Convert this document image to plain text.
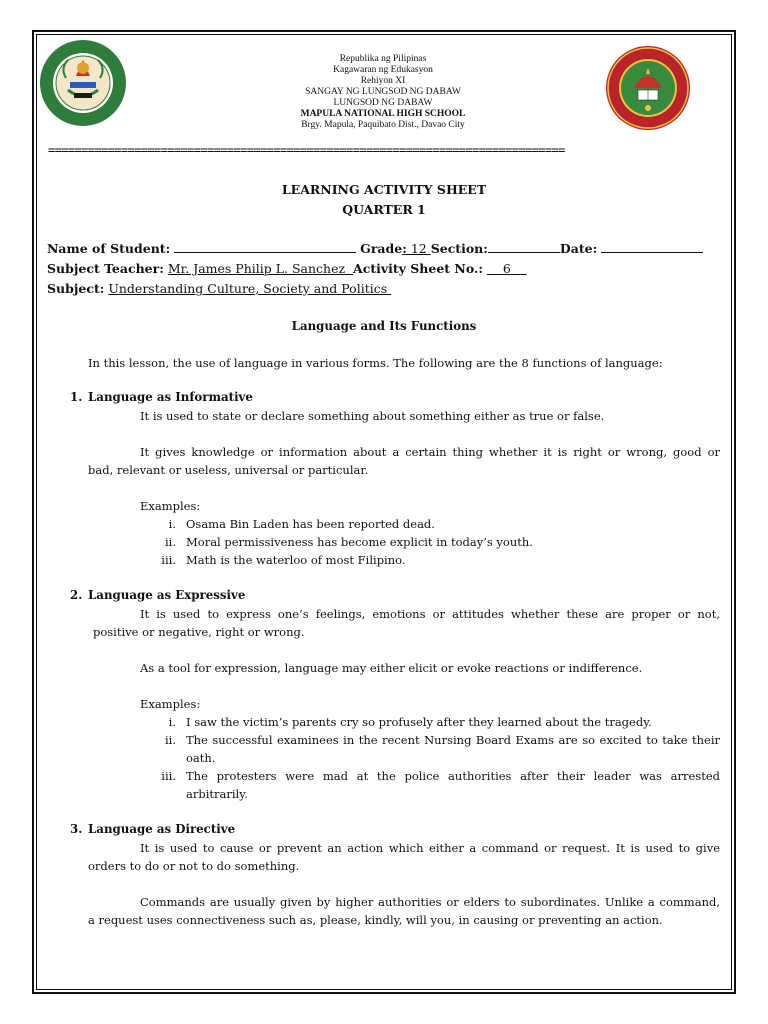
Republika ng Pilipinas
Kagawaran ng Edukasyon
Rehiyon XI
SANGAY NG LUNGSOD NG DABAW
LUNGSOD NG DABAW
MAPULA NATIONAL HIGH SCHOOL
Brgy. Mapula, Paquibato Dist., Davao City
==============================================================================
LEARNING ACTIVITY SHEET
QUARTER 1
Name of Student:	Grade: 12 Section:	Date:
Subject Teacher: Mr. James Philip L. Sanchez Activity Sheet No.: 6
Subject: Understanding Culture, Society and Politics
Language and Its Functions
In this lesson, the use of language in various forms. The following are the 8 functions of language:
1. Language as Informative
It is used to state or declare something about something either as true or false.
It gives knowledge or information about a certain thing whether it is right or wrong, good or
bad, relevant or useless, universal or particular.
Examples:
i. Osama Bin Laden has been reported dead.
ii. Moral permissiveness has become explicit in today’s youth.
iii. Math is the waterloo of most Filipino.
2. Language as Expressive
It is used to express one’s feelings, emotions or attitudes whether these are proper or not,
positive or negative, right or wrong.
As a tool for expression, language may either elicit or evoke reactions or indifference.
Examples:
i. I saw the victim’s parents cry so profusely after they learned about the tragedy.
ii. The successful examinees in the recent Nursing Board Exams are so excited to take their
oath.
iii. The protesters were mad at the police authorities after their leader was arrested
arbitrarily.
3. Language as Directive
It is used to cause or prevent an action which either a command or request. It is used to give
orders to do or not to do something.
Commands are usually given by higher authorities or elders to subordinates. Unlike a command,
a request uses connectiveness such as, please, kindly, will you, in causing or preventing an action.
